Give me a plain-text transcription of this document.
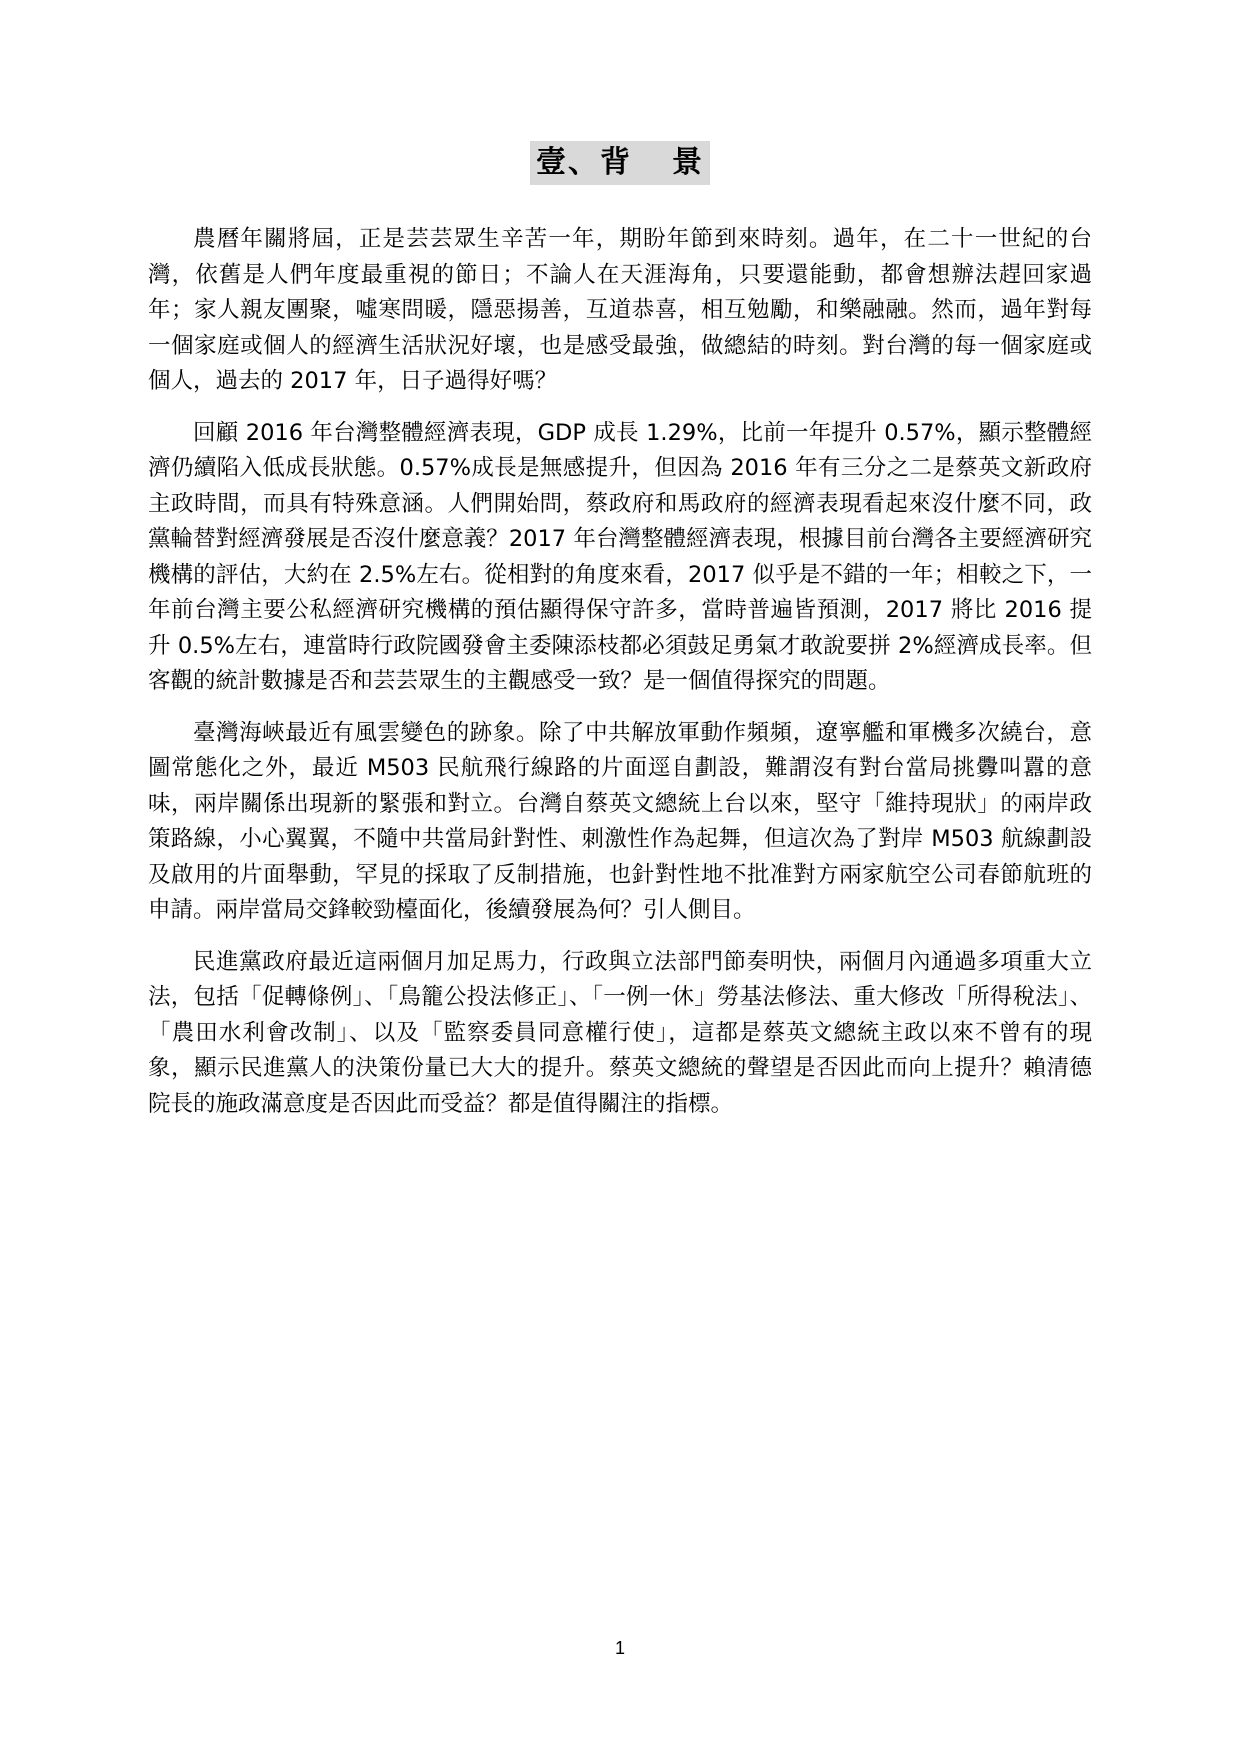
壹、背 景

農曆年關將屆，正是芸芸眾生辛苦一年，期盼年節到來時刻。過年，在二十一世紀的台灣，依舊是人們年度最重視的節日；不論人在天涯海角，只要還能動，都會想辦法趕回家過年；家人親友團聚，噓寒問暖，隱惡揚善，互道恭喜，相互勉勵，和樂融融。然而，過年對每一個家庭或個人的經濟生活狀況好壞，也是感受最強，做總結的時刻。對台灣的每一個家庭或個人，過去的 2017 年，日子過得好嗎？

回顧 2016 年台灣整體經濟表現，GDP 成長 1.29%，比前一年提升 0.57%，顯示整體經濟仍續陷入低成長狀態。0.57%成長是無感提升，但因為 2016 年有三分之二是蔡英文新政府主政時間，而具有特殊意涵。人們開始問，蔡政府和馬政府的經濟表現看起來沒什麼不同，政黨輪替對經濟發展是否沒什麼意義？2017 年台灣整體經濟表現，根據目前台灣各主要經濟研究機構的評估，大約在 2.5%左右。從相對的角度來看，2017 似乎是不錯的一年；相較之下，一年前台灣主要公私經濟研究機構的預估顯得保守許多，當時普遍皆預測，2017 將比 2016 提升 0.5%左右，連當時行政院國發會主委陳添枝都必須鼓足勇氣才敢說要拼 2%經濟成長率。但客觀的統計數據是否和芸芸眾生的主觀感受一致？是一個值得探究的問題。

臺灣海峽最近有風雲變色的跡象。除了中共解放軍動作頻頻，遼寧艦和軍機多次繞台，意圖常態化之外，最近 M503 民航飛行線路的片面逕自劃設，難謂沒有對台當局挑釁叫囂的意味，兩岸關係出現新的緊張和對立。台灣自蔡英文總統上台以來，堅守「維持現狀」的兩岸政策路線，小心翼翼，不隨中共當局針對性、刺激性作為起舞，但這次為了對岸 M503 航線劃設及啟用的片面舉動，罕見的採取了反制措施，也針對性地不批准對方兩家航空公司春節航班的申請。兩岸當局交鋒較勁檯面化，後續發展為何？引人側目。

民進黨政府最近這兩個月加足馬力，行政與立法部門節奏明快，兩個月內通過多項重大立法，包括「促轉條例」、「鳥籠公投法修正」、「一例一休」勞基法修法、重大修改「所得稅法」、「農田水利會改制」、以及「監察委員同意權行使」，這都是蔡英文總統主政以來不曾有的現象，顯示民進黨人的決策份量已大大的提升。蔡英文總統的聲望是否因此而向上提升？賴清德院長的施政滿意度是否因此而受益？都是值得關注的指標。

1
